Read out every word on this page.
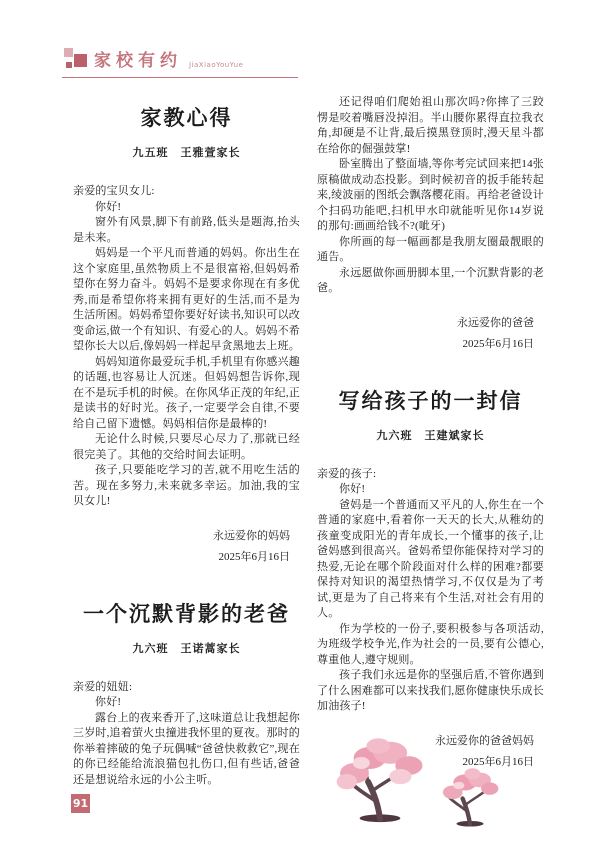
家校有约 JiaXiaoYouYue
家教心得
九五班　王雅萱家长

亲爱的宝贝女儿:

你好!

窗外有风景,脚下有前路,低头是题海,抬头是未来。

妈妈是一个平凡而普通的妈妈。你出生在这个家庭里,虽然物质上不是很富裕,但妈妈希望你在努力奋斗。妈妈不是要求你现在有多优秀,而是希望你将来拥有更好的生活,而不是为生活所困。妈妈希望你要好好读书,知识可以改变命运,做一个有知识、有爱心的人。妈妈不希望你长大以后,像妈妈一样起早贪黑地去上班。

妈妈知道你最爱玩手机,手机里有你感兴趣的话题,也容易让人沉迷。但妈妈想告诉你,现在不是玩手机的时候。在你风华正茂的年纪,正是读书的好时光。孩子,一定要学会自律,不要给自己留下遗憾。妈妈相信你是最棒的!

无论什么时候,只要尽心尽力了,那就已经很完美了。其他的交给时间去证明。

孩子,只要能吃学习的苦,就不用吃生活的苦。现在多努力,未来就多幸运。加油,我的宝贝女儿!

永远爱你的妈妈
2025年6月16日
一个沉默背影的老爸
九六班　王诺蒿家长

亲爱的妞妞:

你好!

露台上的夜来香开了,这味道总让我想起你三岁时,追着萤火虫撞进我怀里的夏夜。那时的你举着摔破的兔子玩偶喊“爸爸快救救它”,现在的你已经能给流浪猫包扎伤口,但有些话,爸爸还是想说给永远的小公主听。

还记得咱们爬始祖山那次吗?你摔了三跤愣是咬着嘴唇没掉泪。半山腰你累得直拉我衣角,却硬是不让背,最后摸黑登顶时,漫天星斗都在给你的倔强鼓掌!

卧室腾出了整面墙,等你考完试回来把14张原稿做成动态投影。到时候初音的扳手能转起来,绫波丽的图纸会飘落樱花雨。再给老爸设计个扫码功能吧,扫机甲水印就能听见你14岁说的那句:画画给钱不?(呲牙)

你所画的每一幅画都是我朋友圈最靓眼的通告。

永远愿做你画册脚本里,一个沉默背影的老爸。

永远爱你的爸爸
2025年6月16日
写给孩子的一封信
九六班　王建斌家长

亲爱的孩子:

你好!

爸妈是一个普通而又平凡的人,你生在一个普通的家庭中,看着你一天天的长大,从稚幼的孩童变成阳光的青年成长,一个懂事的孩子,让爸妈感到很高兴。爸妈希望你能保持对学习的热爱,无论在哪个阶段面对什么样的困难?都要保持对知识的渴望热情学习,不仅仅是为了考试,更是为了自己将来有个生活,对社会有用的人。

作为学校的一份子,要积极参与各项活动,为班级学校争光,作为社会的一员,要有公德心,尊重他人,遵守规则。

孩子我们永远是你的坚强后盾,不管你遇到了什么困难都可以来找我们,愿你健康快乐成长加油孩子!

永远爱你的爸爸妈妈
2025年6月16日
91
